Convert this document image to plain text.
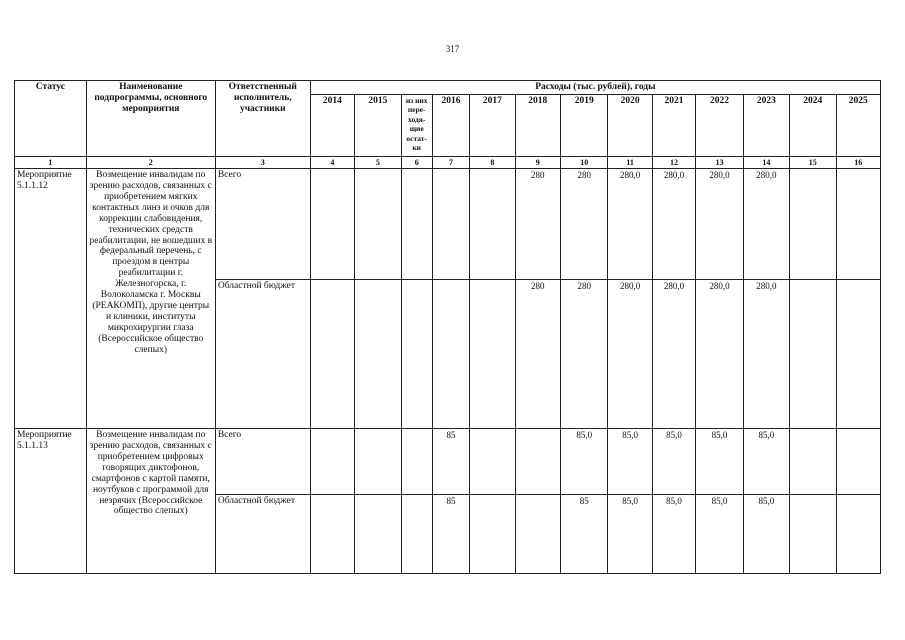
317
Статус	Наименование подпрограммы, основного мероприятия	Ответственный исполнитель, участники	Расходы (тыс. рублей), годы												
			2014	2015	из них пере-ходя-щие остат-ки	2016	2017	2018	2019	2020	2021	2022	2023	2024	2025
1	2	3	4	5	6	7	8	9	10	11	12	13	14	15	16
Мероприятие 5.1.1.12	Возмещение инвалидам по зрению расходов, связанных с приобретением мягких контактных линз и очков для коррекции слабовидения, технических средств реабилитации, не вошедших в федеральный перечень, с проездом в центры реабилитации г. Железногорска, г. Волоколамска г. Москвы (РЕАКОМП), другие центры и клиники, институты микрохирургии глаза (Всероссийское общество слепых)	Всего						280	280	280,0	280,0	280,0	280,0		
		Областной бюджет						280	280	280,0	280,0	280,0	280,0		
Мероприятие 5.1.1.13	Возмещение инвалидам по зрению расходов, связанных с приобретением цифровых говорящих диктофонов, смартфонов с картой памяти, ноутбуков с программой для незрячих (Всероссийское общество слепых)	Всего				85			85,0	85,0	85,0	85,0	85,0		
		Областной бюджет				85			85	85,0	85,0	85,0	85,0		
